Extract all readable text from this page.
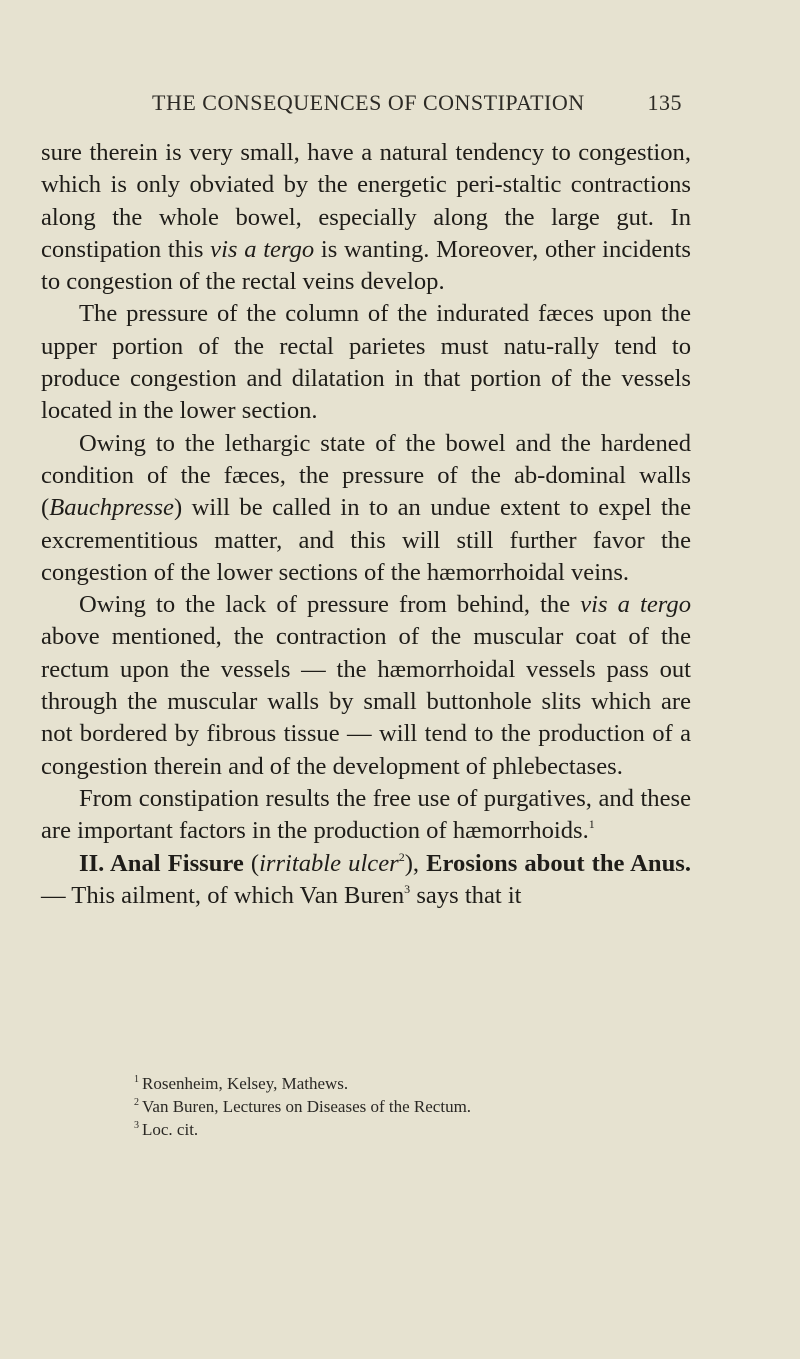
THE CONSEQUENCES OF CONSTIPATION	135

sure therein is very small, have a natural tendency to congestion, which is only obviated by the energetic peri-staltic contractions along the whole bowel, especially along the large gut. In constipation this vis a tergo is wanting. Moreover, other incidents to congestion of the rectal veins develop.

The pressure of the column of the indurated fæces upon the upper portion of the rectal parietes must natu-rally tend to produce congestion and dilatation in that portion of the vessels located in the lower section.

Owing to the lethargic state of the bowel and the hardened condition of the fæces, the pressure of the ab-dominal walls (Bauchpresse) will be called in to an undue extent to expel the excrementitious matter, and this will still further favor the congestion of the lower sections of the hæmorrhoidal veins.

Owing to the lack of pressure from behind, the vis a tergo above mentioned, the contraction of the muscular coat of the rectum upon the vessels — the hæmorrhoidal vessels pass out through the muscular walls by small buttonhole slits which are not bordered by fibrous tissue — will tend to the production of a congestion therein and of the development of phlebectases.

From constipation results the free use of purgatives, and these are important factors in the production of hæmorrhoids.$^1$

II. Anal Fissure (irritable ulcer$^2$), Erosions about the Anus. — This ailment, of which Van Buren$^3$ says that it

$^1$ Rosenheim, Kelsey, Mathews.

$^2$ Van Buren, Lectures on Diseases of the Rectum.

$^3$ Loc. cit.
